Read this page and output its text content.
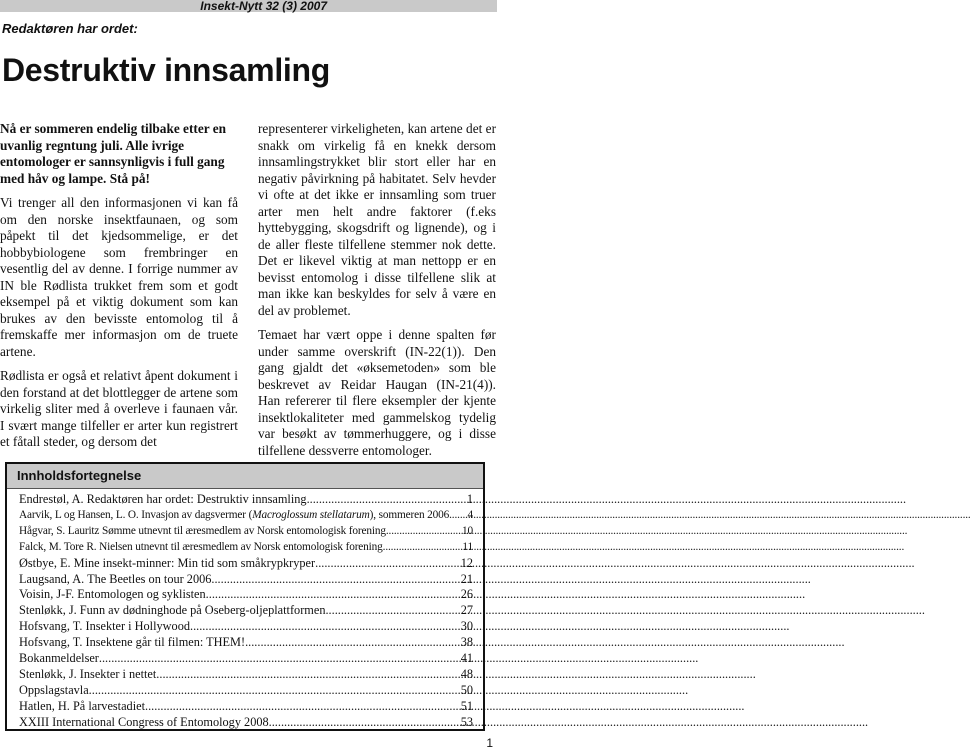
Insekt-Nytt 32 (3) 2007
Redaktøren har ordet:
Destruktiv innsamling

Nå er sommeren endelig tilbake etter en uvanlig regntung juli. Alle ivrige entomologer er sannsynligvis i full gang med håv og lampe. Stå på!

Vi trenger all den informasjonen vi kan få om den norske insektfaunaen, og som påpekt til det kjedsommelige, er det hobbybiologene som frembringer en vesentlig del av denne. I forrige nummer av IN ble Rødlista trukket frem som et godt eksempel på et viktig dokument som kan brukes av den bevisste entomolog til å fremskaffe mer informasjon om de truete artene.

Rødlista er også et relativt åpent dokument i den forstand at det blottlegger de artene som virkelig sliter med å overleve i faunaen vår. I svært mange tilfeller er arter kun registrert et fåtall steder, og dersom det

representerer virkeligheten, kan artene det er snakk om virkelig få en knekk dersom innsamlingstrykket blir stort eller har en negativ påvirkning på habitatet. Selv hevder vi ofte at det ikke er innsamling som truer arter men helt andre faktorer (f.eks hyttebygging, skogsdrift og lignende), og i de aller fleste tilfellene stemmer nok dette. Det er likevel viktig at man nettopp er en bevisst entomolog i disse tilfellene slik at man ikke kan beskyldes for selv å være en del av problemet.

Temaet har vært oppe i denne spalten før under samme overskrift (IN-22(1)). Den gang gjaldt det «øksemetoden» som ble beskrevet av Reidar Haugan (IN-21(4)). Han refererer til flere eksempler der kjente insektlokaliteter med gammelskog tydelig var besøkt av tømmerhuggere, og i disse tilfellene dessverre entomologer.

Innholdsfortegnelse
Endrestøl, A. Redaktøren har ordet: Destruktiv innsamling .....	1
Aarvik, L og Hansen, L. O. Invasjon av dagsvermer (Macroglossum stellatarum), sommeren 2006 ..... 4
Hågvar, S. Lauritz Sømme utnevnt til æresmedlem av Norsk entomologisk forening .....	10
Falck, M. Tore R. Nielsen utnevnt til æresmedlem av Norsk entomologisk forening .....	11
Østbye, E. Mine insekt-minner: Min tid som småkrypkryper .....	12
Laugsand, A. The Beetles on tour 2006 .....	21
Voisin, J-F. Entomologen og syklisten .....	26
Stenløkk, J. Funn av dødninghode på Oseberg-oljeplattformen .....	27
Hofsvang, T. Insekter i Hollywood .....	30
Hofsvang, T. Insektene går til filmen: THEM! .....	38
Bokanmeldelser .....	41
Stenløkk, J. Insekter i nettet .....	48
Oppslagstavla .....	50
Hatlen, H. På larvestadiet .....	51
XXIII International Congress of Entomology 2008 .....	53
1
